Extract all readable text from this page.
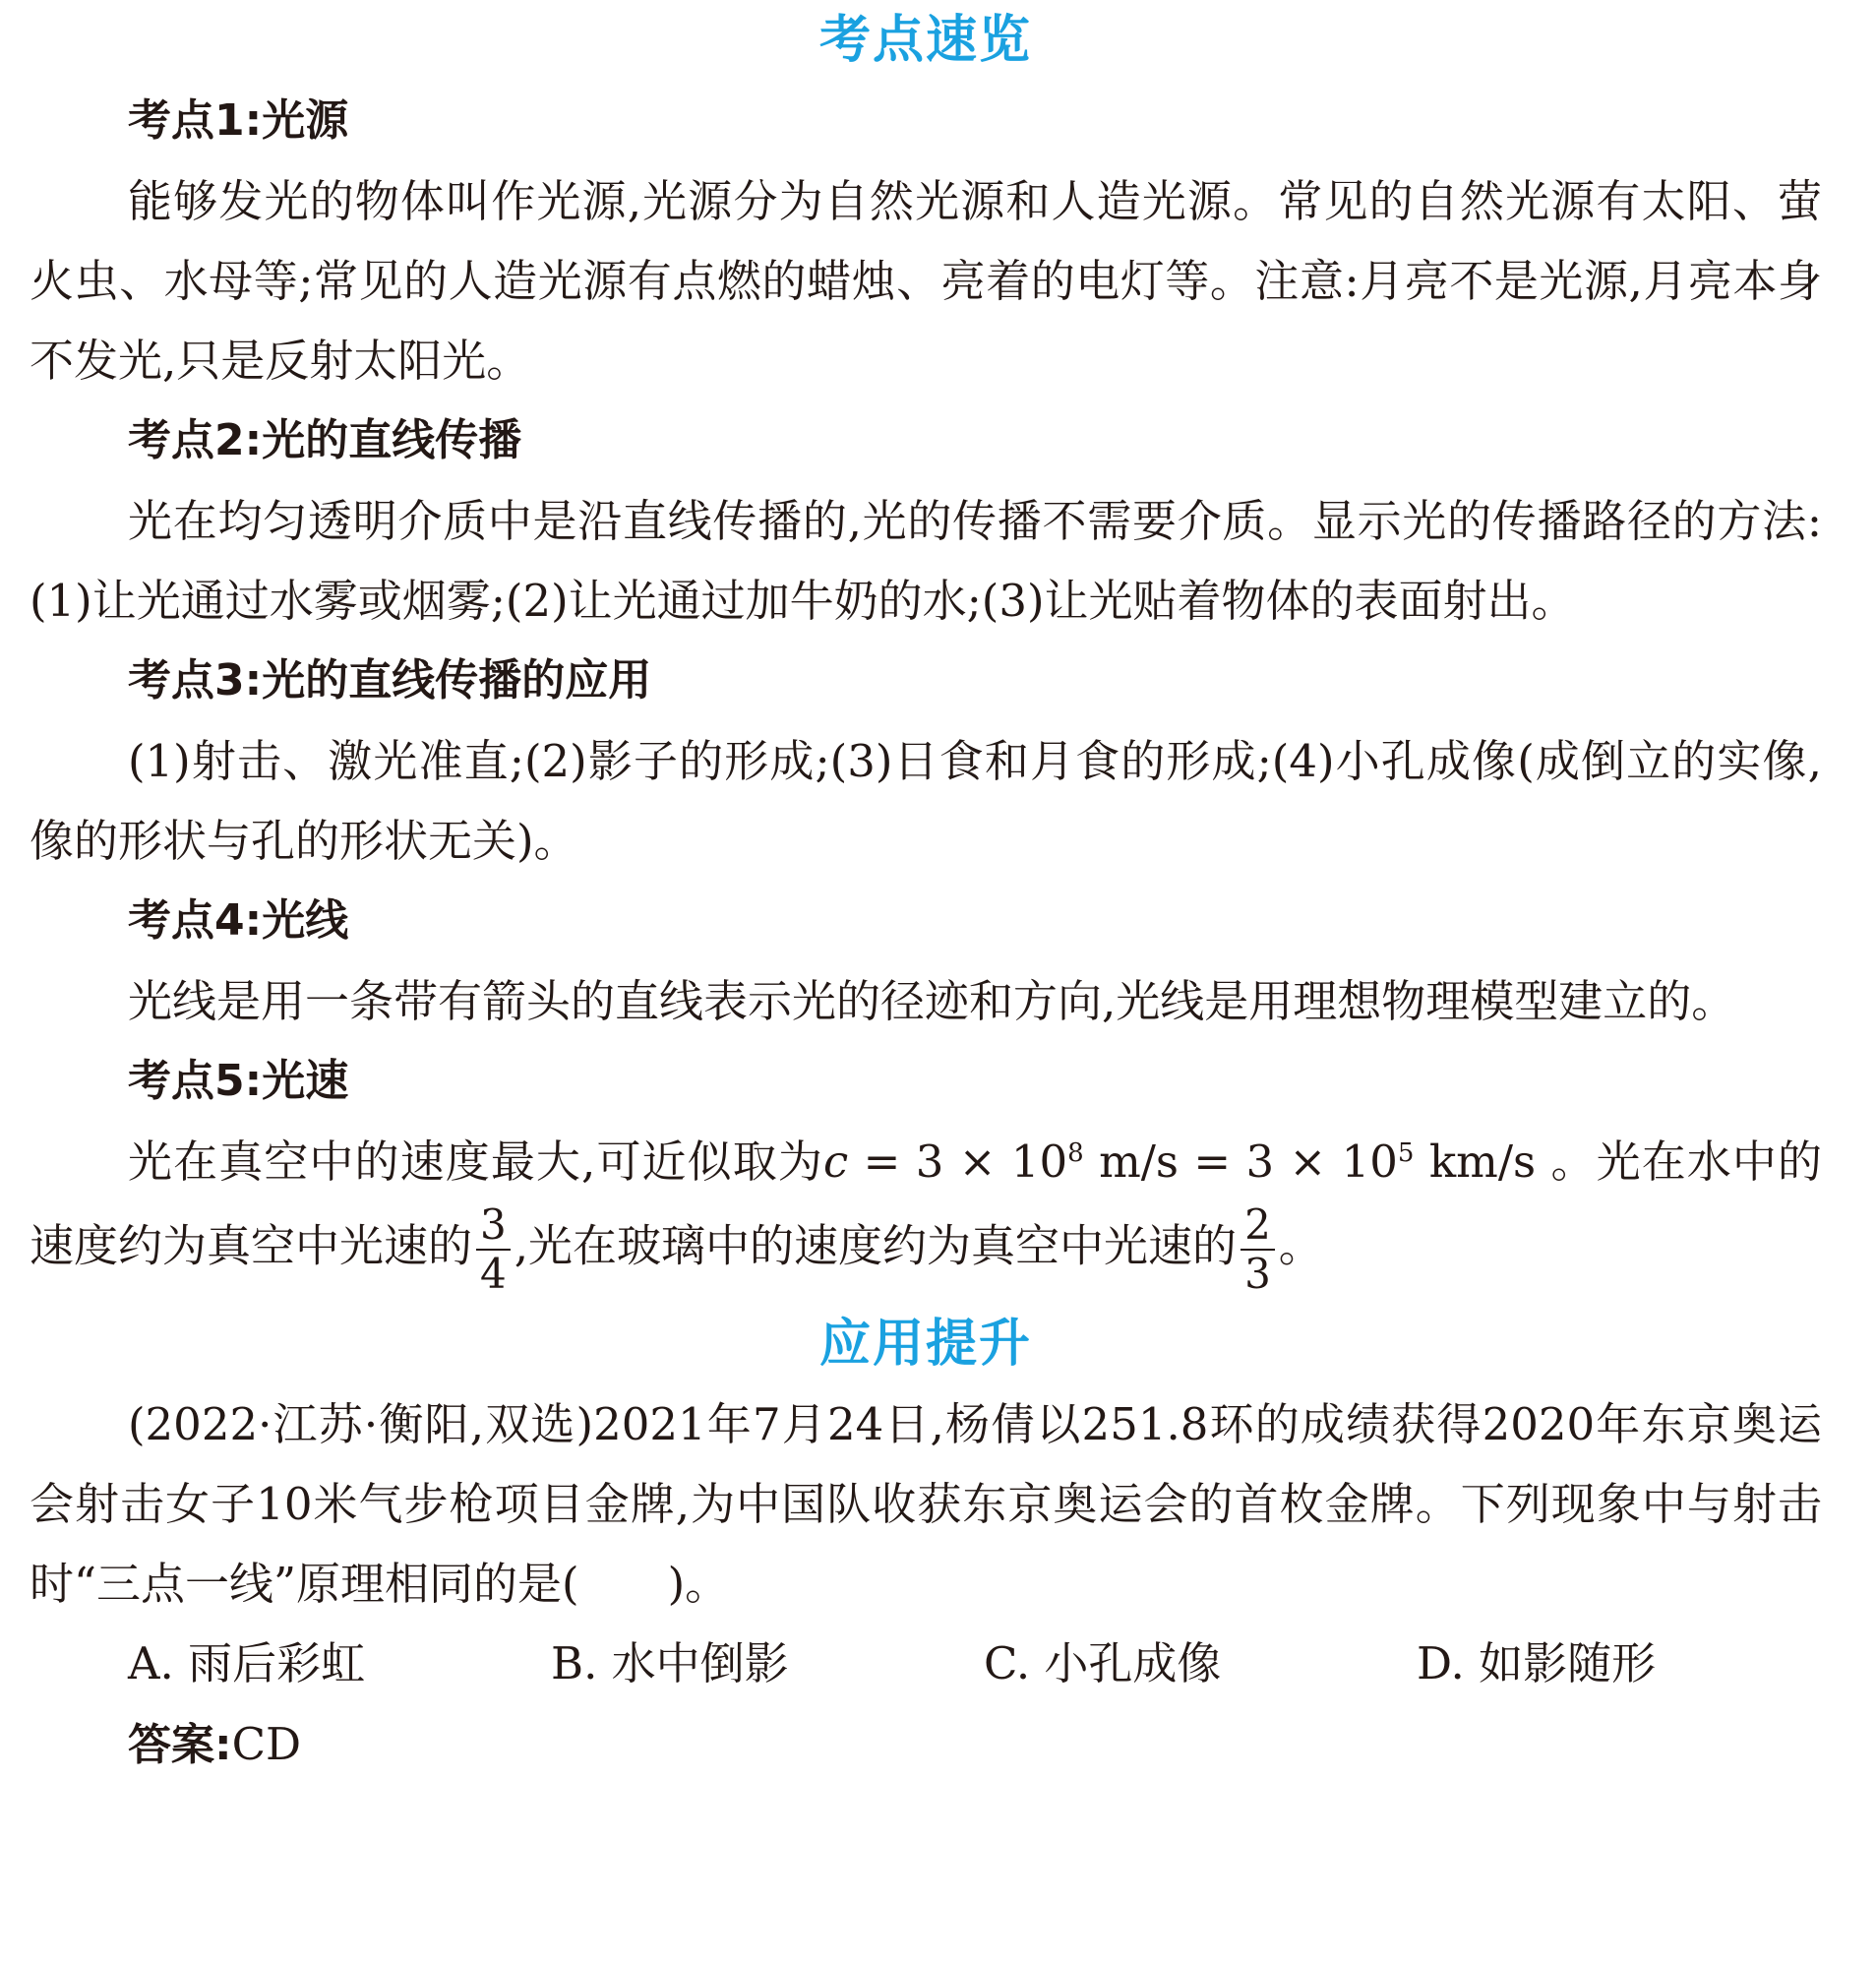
考点速览
考点1:光源
能够发光的物体叫作光源,光源分为自然光源和人造光源。常见的自然光源有太阳、萤火虫、水母等;常见的人造光源有点燃的蜡烛、亮着的电灯等。注意:月亮不是光源,月亮本身不发光,只是反射太阳光。
考点2:光的直线传播
光在均匀透明介质中是沿直线传播的,光的传播不需要介质。显示光的传播路径的方法:(1)让光通过水雾或烟雾;(2)让光通过加牛奶的水;(3)让光贴着物体的表面射出。
考点3:光的直线传播的应用
(1)射击、激光准直;(2)影子的形成;(3)日食和月食的形成;(4)小孔成像(成倒立的实像,像的形状与孔的形状无关)。
考点4:光线
光线是用一条带有箭头的直线表示光的径迹和方向,光线是用理想物理模型建立的。
考点5:光速
光在真空中的速度最大,可近似取为$c = 3 \times 10^8$ $m/s = 3 \times 10^5$ km/s 。光在水中的速度约为真空中光速的 $\frac{3}{4}$ ,光在玻璃中的速度约为真空中光速的 $\frac{2}{3}$ 。
应用提升
(2022·江苏·衡阳,双选)2021年7月24日,杨倩以251.8环的成绩获得2020年东京奥运会射击女子10米气步枪项目金牌,为中国队收获东京奥运会的首枚金牌。下列现象中与射击时“三点一线”原理相同的是(　　)。
A. 雨后彩虹	B. 水中倒影	C. 小孔成像	D. 如影随形
答案:CD
